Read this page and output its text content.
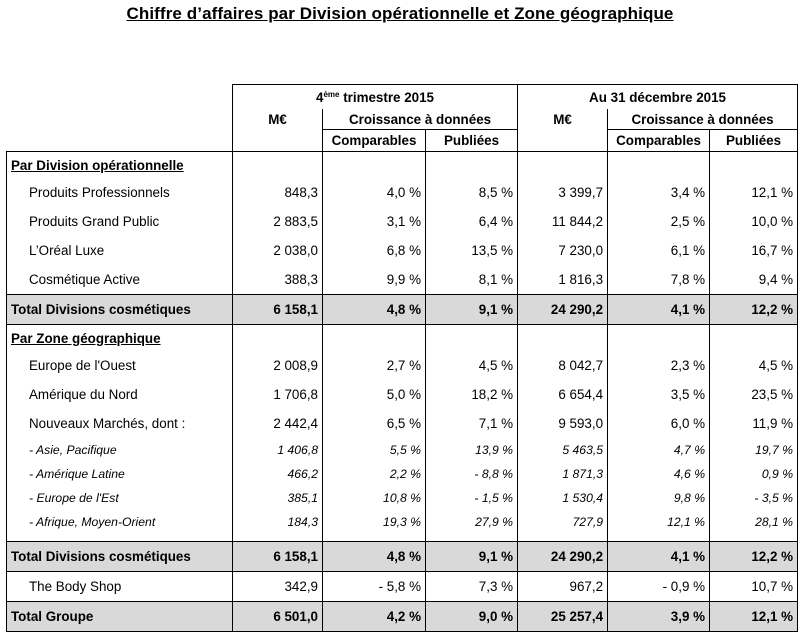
Chiffre d’affaires par Division opérationnelle et Zone géographique
	4ème trimestre 2015			Au 31 décembre 2015		
	M€	Croissance à données		M€	Croissance à données	
		Comparables	Publiées		Comparables	Publiées
Par Division opérationnelle						
Produits Professionnels	848,3	4,0 %	8,5 %	3 399,7	3,4 %	12,1 %
Produits Grand Public	2 883,5	3,1 %	6,4 %	11 844,2	2,5 %	10,0 %
L’Oréal Luxe	2 038,0	6,8 %	13,5 %	7 230,0	6,1 %	16,7 %
Cosmétique Active	388,3	9,9 %	8,1 %	1 816,3	7,8 %	9,4 %
Total Divisions cosmétiques	6 158,1	4,8 %	9,1 %	24 290,2	4,1 %	12,2 %
Par Zone géographique						
Europe de l'Ouest	2 008,9	2,7 %	4,5 %	8 042,7	2,3 %	4,5 %
Amérique du Nord	1 706,8	5,0 %	18,2 %	6 654,4	3,5 %	23,5 %
Nouveaux Marchés, dont :	2 442,4	6,5 %	7,1 %	9 593,0	6,0 %	11,9 %
- Asie, Pacifique	1 406,8	5,5 %	13,9 %	5 463,5	4,7 %	19,7 %
- Amérique Latine	466,2	2,2 %	- 8,8 %	1 871,3	4,6 %	0,9 %
- Europe de l'Est	385,1	10,8 %	- 1,5 %	1 530,4	9,8 %	- 3,5 %
- Afrique, Moyen-Orient	184,3	19,3 %	27,9 %	727,9	12,1 %	28,1 %

Total Divisions cosmétiques	6 158,1	4,8 %	9,1 %	24 290,2	4,1 %	12,2 %
The Body Shop	342,9	- 5,8 %	7,3 %	967,2	- 0,9 %	10,7 %
Total Groupe	6 501,0	4,2 %	9,0 %	25 257,4	3,9 %	12,1 %
